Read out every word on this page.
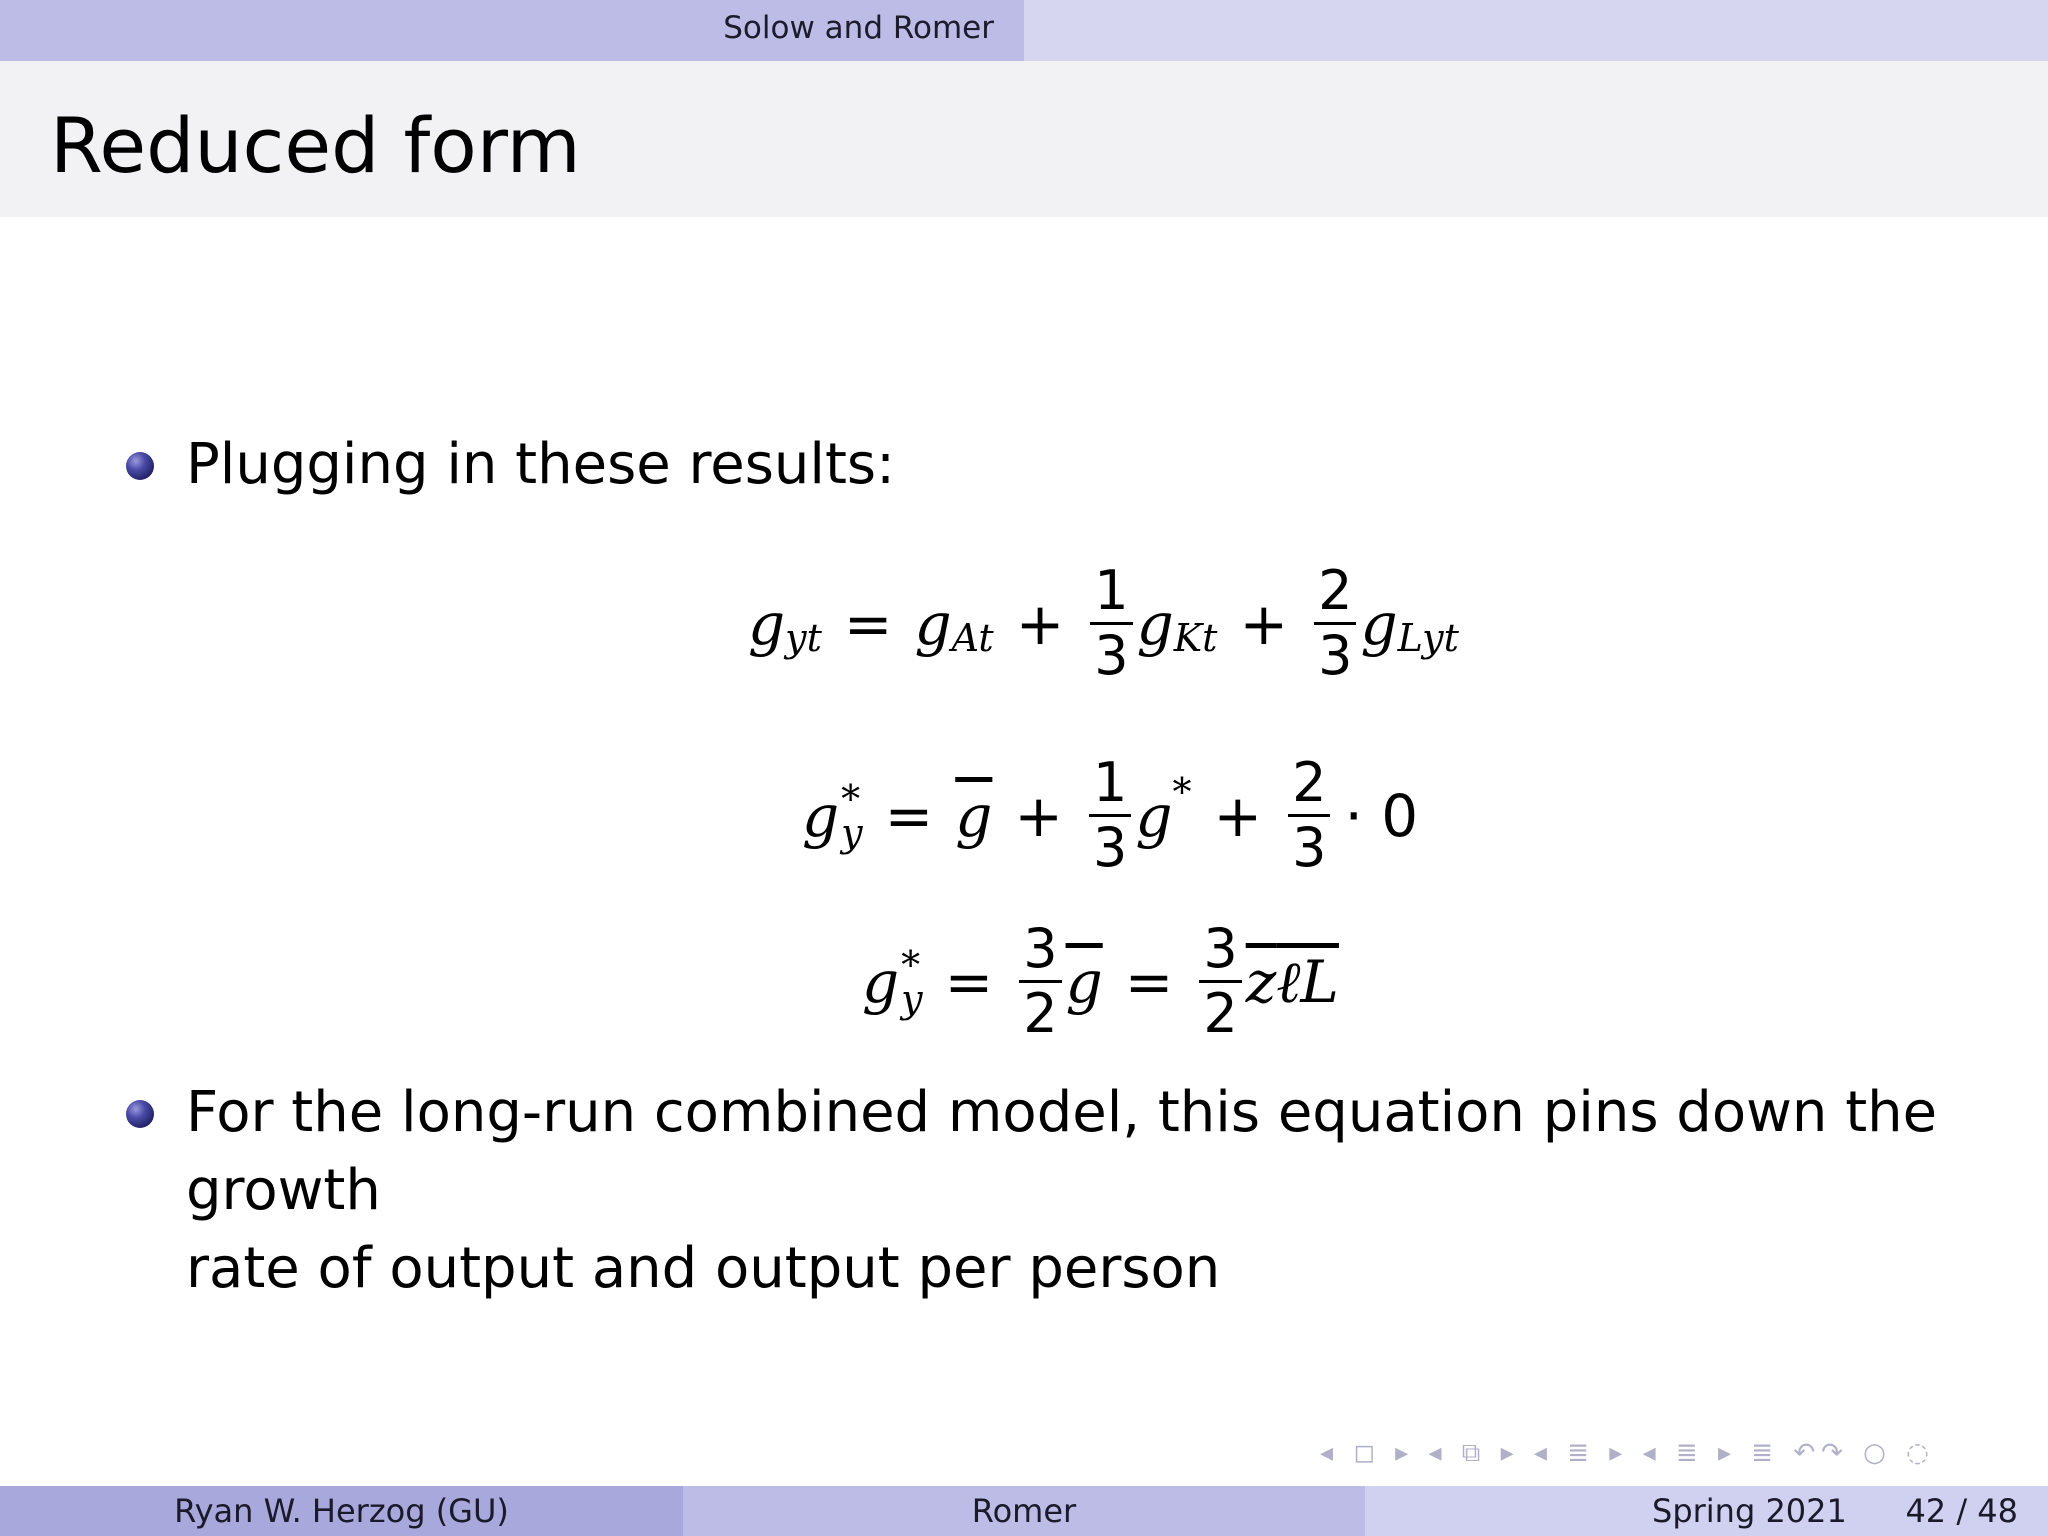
Solow and Romer
Reduced form
Plugging in these results:
g yt = g $At + \frac{1}{3}$ g $Kt + \frac{2}{3}$ g Lyt
g *
$y = \overline{g} + \frac{1}{3}$ g * + $\frac{2}{3} \cdot 0$
g *
$y = \frac{3}{2} \overline{g} = \frac{3}{2} \overline{z}$ ℓL
For the long-run combined model, this equation pins down the growth
rate of output and output per person
◂ ◻ ▸ ◂ ⧉ ▸ ◂ ≣ ▸ ◂ ≣ ▸ ≣ ↶↷ ○ ◌
Ryan W. Herzog (GU)	Romer	Spring 2021 42 / 48
